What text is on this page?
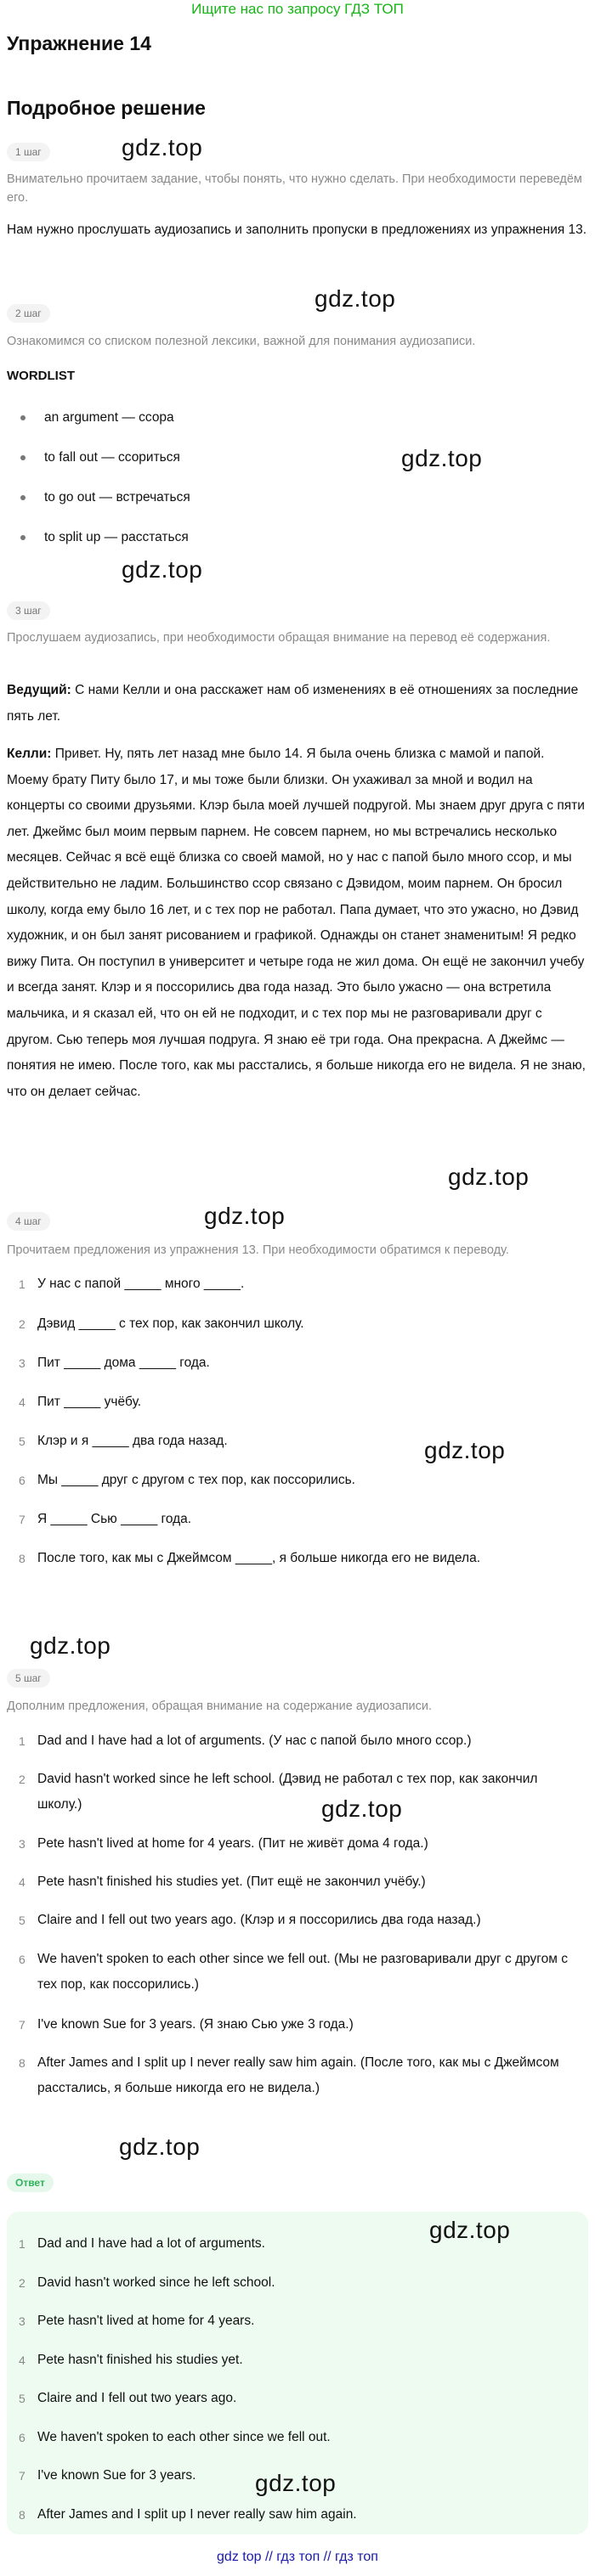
Ищите нас по запросу ГДЗ ТОП
Упражнение 14
Подробное решение
1 шаг
Внимательно прочитаем задание, чтобы понять, что нужно сделать. При необходимости переведём его.
Нам нужно прослушать аудиозапись и заполнить пропуски в предложениях из упражнения 13.
2 шаг
Ознакомимся со списком полезной лексики, важной для понимания аудиозаписи.
WORDLIST
an argument — ссора
to fall out — ссориться
to go out — встречаться
to split up — расстаться
3 шаг
Прослушаем аудиозапись, при необходимости обращая внимание на перевод её содержания.
Ведущий: С нами Келли и она расскажет нам об изменениях в её отношениях за последние пять лет.
Келли: Привет. Ну, пять лет назад мне было 14. Я была очень близка с мамой и папой. Моему брату Питу было 17, и мы тоже были близки. Он ухаживал за мной и водил на концерты со своими друзьями. Клэр была моей лучшей подругой. Мы знаем друг друга с пяти лет. Джеймс был моим первым парнем. Не совсем парнем, но мы встречались несколько месяцев. Сейчас я всё ещё близка со своей мамой, но у нас с папой было много ссор, и мы действительно не ладим. Большинство ссор связано с Дэвидом, моим парнем. Он бросил школу, когда ему было 16 лет, и с тех пор не работал. Папа думает, что это ужасно, но Дэвид художник, и он был занят рисованием и графикой. Однажды он станет знаменитым! Я редко вижу Пита. Он поступил в университет и четыре года не жил дома. Он ещё не закончил учебу и всегда занят. Клэр и я поссорились два года назад. Это было ужасно — она встретила мальчика, и я сказал ей, что он ей не подходит, и с тех пор мы не разговаривали друг с другом. Сью теперь моя лучшая подруга. Я знаю её три года. Она прекрасна. А Джеймс — понятия не имею. После того, как мы расстались, я больше никогда его не видела. Я не знаю, что он делает сейчас.
4 шаг
Прочитаем предложения из упражнения 13. При необходимости обратимся к переводу.
1 У нас с папой _____ много _____.
2 Дэвид _____ с тех пор, как закончил школу.
3 Пит _____ дома _____ года.
4 Пит _____ учёбу.
5 Клэр и я _____ два года назад.
6 Мы _____ друг с другом с тех пор, как поссорились.
7 Я _____ Сью _____ года.
8 После того, как мы с Джеймсом _____, я больше никогда его не видела.
5 шаг
Дополним предложения, обращая внимание на содержание аудиозаписи.
1 Dad and I have had a lot of arguments. (У нас с папой было много ссор.)
2 David hasn't worked since he left school. (Дэвид не работал с тех пор, как закончил школу.)
3 Pete hasn't lived at home for 4 years. (Пит не живёт дома 4 года.)
4 Pete hasn't finished his studies yet. (Пит ещё не закончил учёбу.)
5 Claire and I fell out two years ago. (Клэр и я поссорились два года назад.)
6 We haven't spoken to each other since we fell out. (Мы не разговаривали друг с другом с тех пор, как поссорились.)
7 I've known Sue for 3 years. (Я знаю Сью уже 3 года.)
8 After James and I split up I never really saw him again. (После того, как мы с Джеймсом расстались, я больше никогда его не видела.)
Ответ
1 Dad and I have had a lot of arguments.
2 David hasn't worked since he left school.
3 Pete hasn't lived at home for 4 years.
4 Pete hasn't finished his studies yet.
5 Claire and I fell out two years ago.
6 We haven't spoken to each other since we fell out.
7 I've known Sue for 3 years.
8 After James and I split up I never really saw him again.
gdz.top
gdz.top
gdz.top
gdz.top
gdz.top
gdz.top
gdz.top
gdz.top
gdz.top
gdz.top
gdz.top
gdz.top
gdz top // гдз топ // гдз топ
